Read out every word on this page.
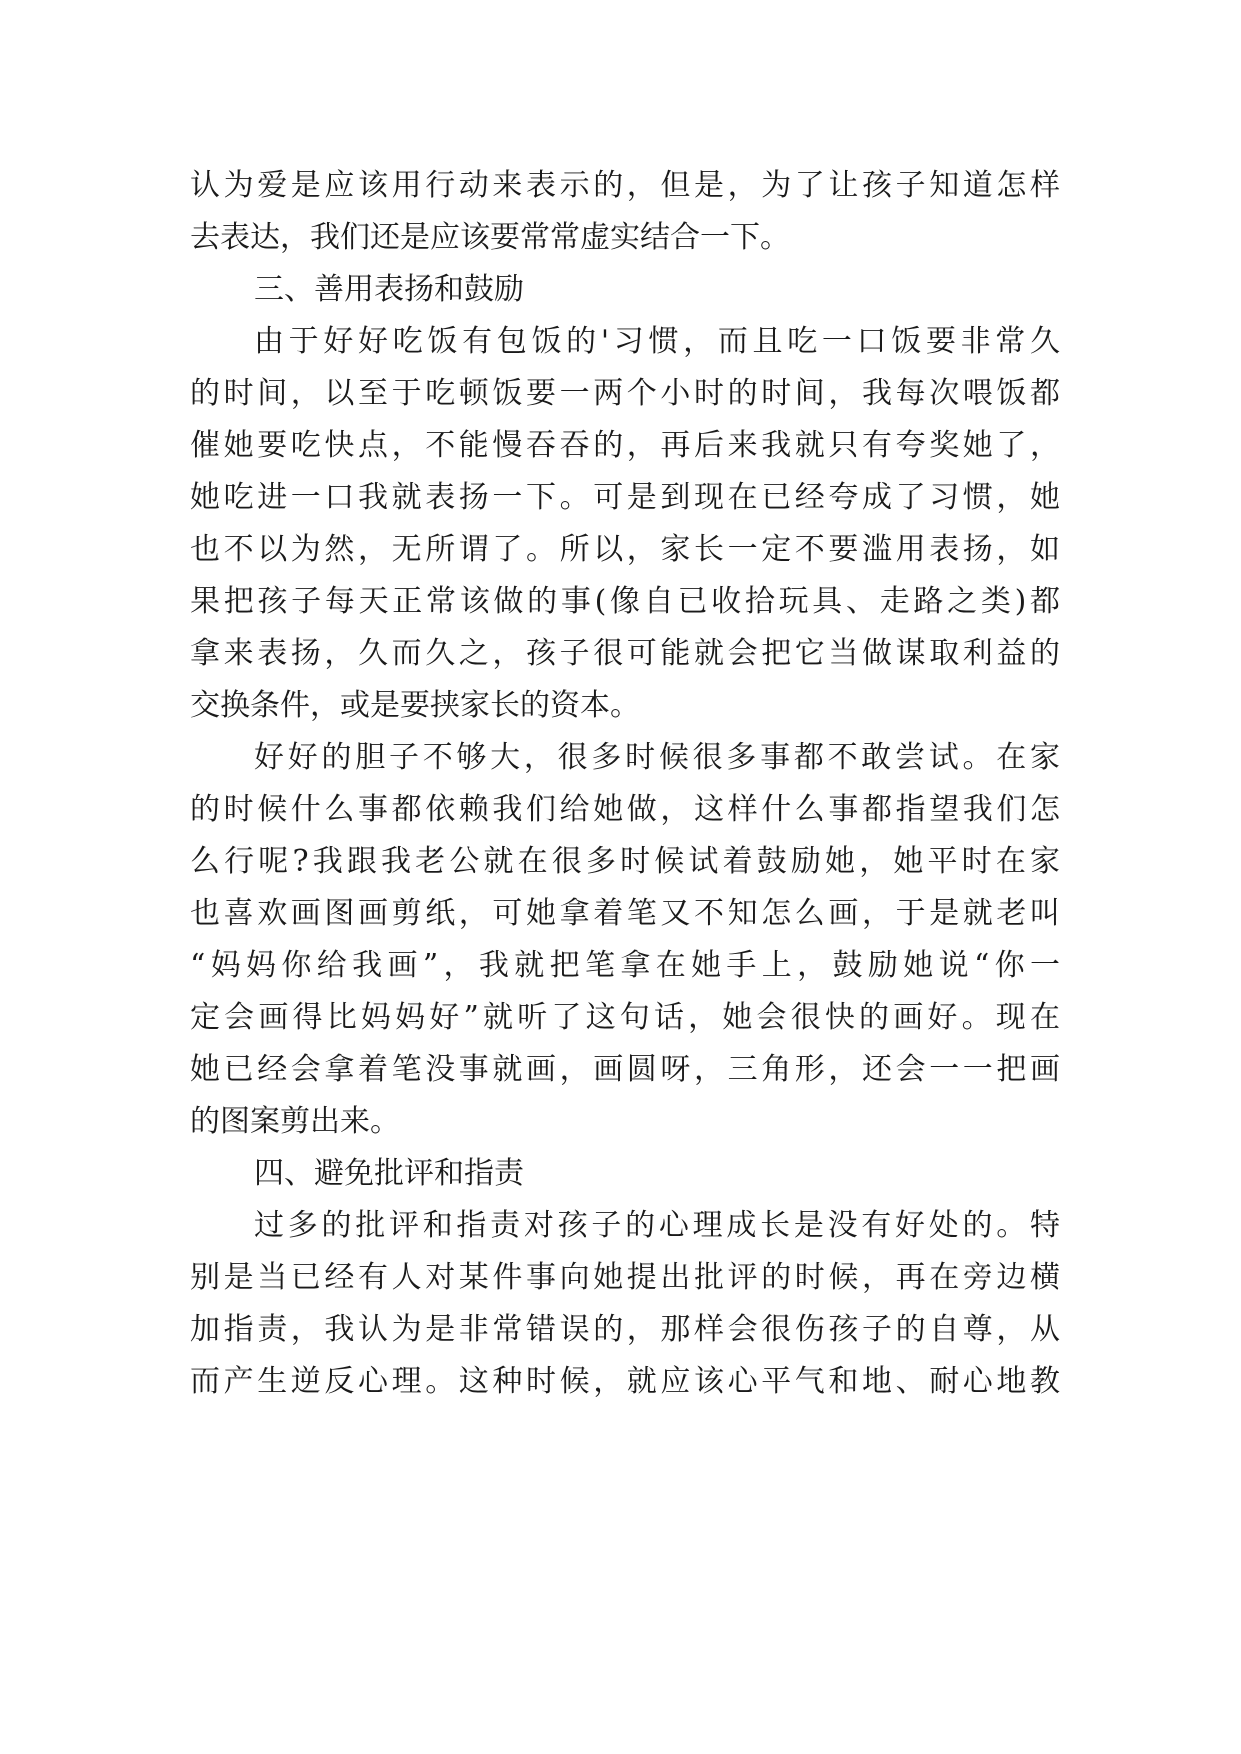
认为爱是应该用行动来表示的，但是，为了让孩子知道怎样
去表达，我们还是应该要常常虚实结合一下。
三、善用表扬和鼓励
由于好好吃饭有包饭的'习惯，而且吃一口饭要非常久
的时间，以至于吃顿饭要一两个小时的时间，我每次喂饭都
催她要吃快点，不能慢吞吞的，再后来我就只有夸奖她了，
她吃进一口我就表扬一下。可是到现在已经夸成了习惯，她
也不以为然，无所谓了。所以，家长一定不要滥用表扬，如
果把孩子每天正常该做的事(像自已收拾玩具、走路之类)都
拿来表扬，久而久之，孩子很可能就会把它当做谋取利益的
交换条件，或是要挟家长的资本。
好好的胆子不够大，很多时候很多事都不敢尝试。在家
的时候什么事都依赖我们给她做，这样什么事都指望我们怎
么行呢?我跟我老公就在很多时候试着鼓励她，她平时在家
也喜欢画图画剪纸，可她拿着笔又不知怎么画，于是就老叫
“妈妈你给我画”，我就把笔拿在她手上，鼓励她说“你一
定会画得比妈妈好”就听了这句话，她会很快的画好。现在
她已经会拿着笔没事就画，画圆呀，三角形，还会一一把画
的图案剪出来。
四、避免批评和指责
过多的批评和指责对孩子的心理成长是没有好处的。特
别是当已经有人对某件事向她提出批评的时候，再在旁边横
加指责，我认为是非常错误的，那样会很伤孩子的自尊，从
而产生逆反心理。这种时候，就应该心平气和地、耐心地教
